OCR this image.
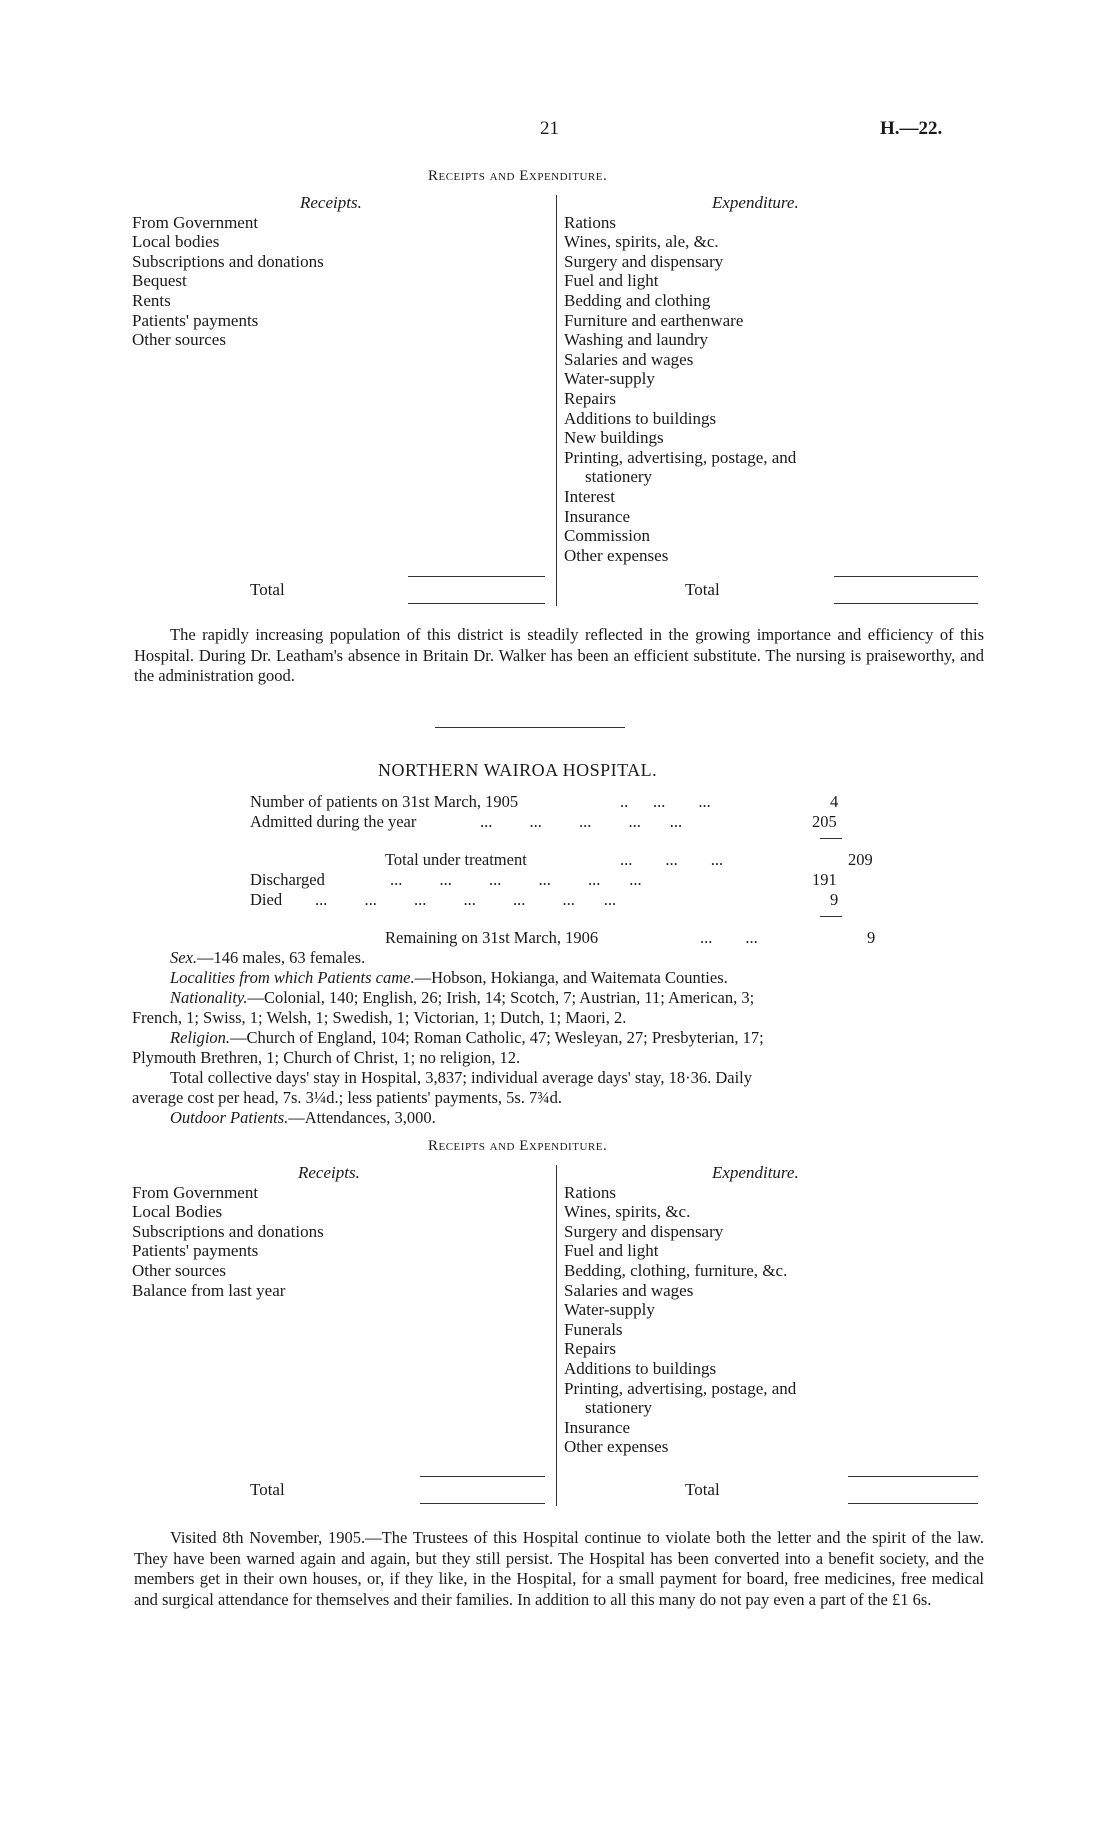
21	H.—22.
Receipts and Expenditure.
Receipts.	Expenditure.
From Government
Local bodies
Subscriptions and donations
Bequest
Rents
Patients' payments
Other sources
Rations
Wines, spirits, ale, &c.
Surgery and dispensary
Fuel and light
Bedding and clothing
Furniture and earthenware
Washing and laundry
Salaries and wages
Water-supply
Repairs
Additions to buildings
New buildings
Printing, advertising, postage, and
stationery
Interest
Insurance
Commission
Other expenses
Total	Total

The rapidly increasing population of this district is steadily reflected in the growing importance and efficiency of this Hospital. During Dr. Leatham's absence in Britain Dr. Walker has been an efficient substitute. The nursing is praiseworthy, and the administration good.

NORTHERN WAIROA HOSPITAL.
Number of patients on 31st March, 1905	..      ...        ...	4
Admitted during the year	...         ...         ...         ...       ...	205
Total under treatment	...        ...        ...	209
Discharged	...         ...         ...         ...         ...       ...	191
Died ...         ...         ...         ...         ...         ...       ...	9
Remaining on 31st March, 1906	...        ...	9
Sex.—146 males, 63 females.
Localities from which Patients came.—Hobson, Hokianga, and Waitemata Counties.
Nationality.—Colonial, 140; English, 26; Irish, 14; Scotch, 7; Austrian, 11; American, 3;
French, 1; Swiss, 1; Welsh, 1; Swedish, 1; Victorian, 1; Dutch, 1; Maori, 2.
Religion.—Church of England, 104; Roman Catholic, 47; Wesleyan, 27; Presbyterian, 17;
Plymouth Brethren, 1; Church of Christ, 1; no religion, 12.
Total collective days' stay in Hospital, 3,837; individual average days' stay, 18·36. Daily
average cost per head, 7s. 3¼d.; less patients' payments, 5s. 7¾d.
Outdoor Patients.—Attendances, 3,000.
Receipts and Expenditure.
Receipts.	Expenditure.
From Government
Local Bodies
Subscriptions and donations
Patients' payments
Other sources
Balance from last year
Rations
Wines, spirits, &c.
Surgery and dispensary
Fuel and light
Bedding, clothing, furniture, &c.
Salaries and wages
Water-supply
Funerals
Repairs
Additions to buildings
Printing, advertising, postage, and
stationery
Insurance
Other expenses
Total	Total

Visited 8th November, 1905.—The Trustees of this Hospital continue to violate both the letter and the spirit of the law. They have been warned again and again, but they still persist. The Hospital has been converted into a benefit society, and the members get in their own houses, or, if they like, in the Hospital, for a small payment for board, free medicines, free medical and surgical attendance for themselves and their families. In addition to all this many do not pay even a part of the £1 6s.
